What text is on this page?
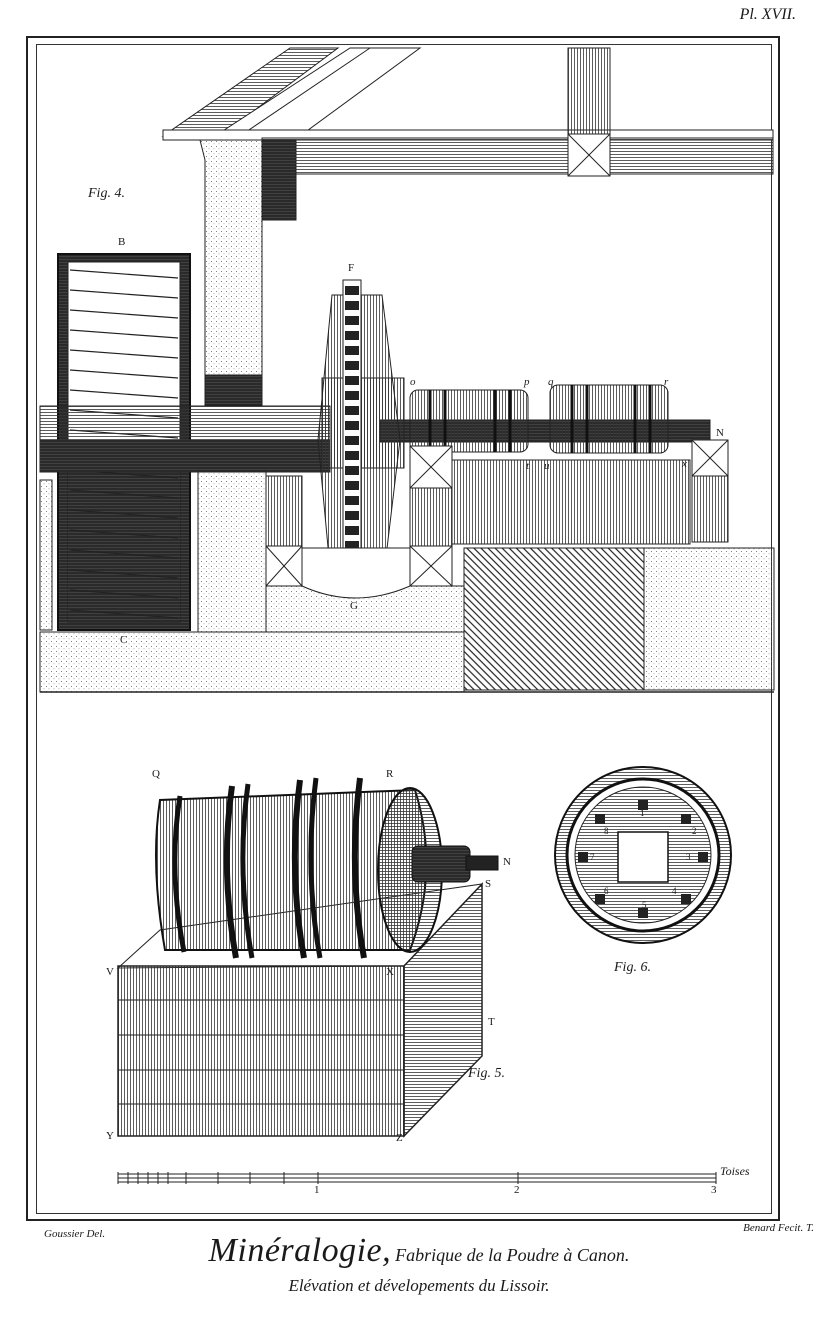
Pl. XVII.
Fig. 4.
B
C
F
G
o	p q	r
N
t u	x
Q	R
N
S
V	X
T
Y	Z
Fig. 5.
1
2
3
4
5
6
7
8
Fig. 6.
Toises
1	2	3
Goussier Del.	Benard Fecit. T.
Minéralogie, Fabrique de la Poudre à Canon.
Elévation et dévelopements du Lissoir.
